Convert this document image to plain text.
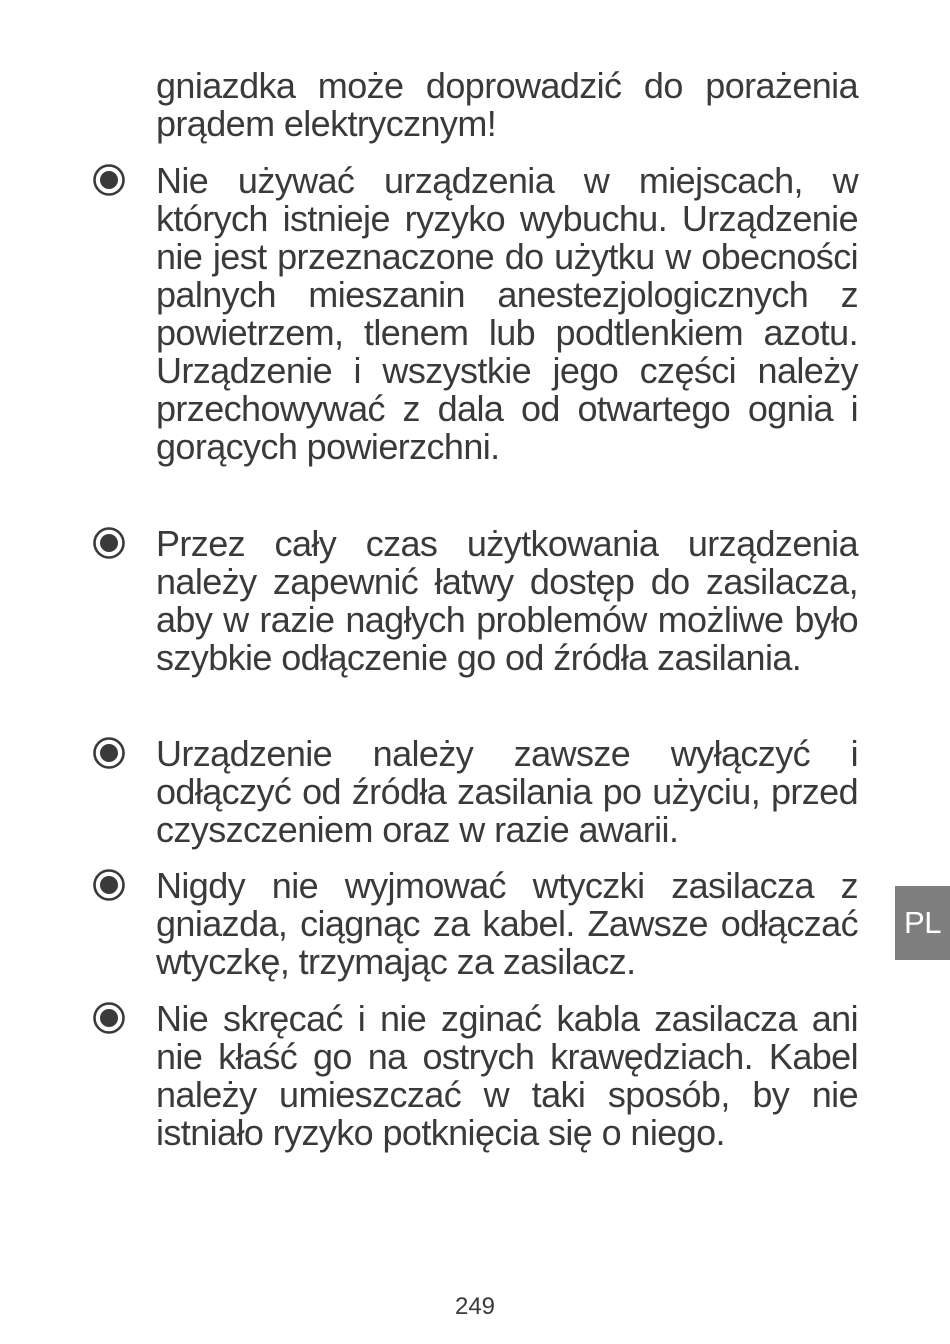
gniazdka może doprowadzić do porażenia prądem elektrycznym!
Nie używać urządzenia w miejscach, w których istnieje ryzyko wybuchu. Urządzenie nie jest przeznaczone do użytku w obecności palnych mieszanin anestezjologicznych z powietrzem, tlenem lub podtlenkiem azotu. Urządzenie i wszystkie jego części należy przechowywać z dala od otwartego ognia i gorących powierzchni.
Przez cały czas użytkowania urządzenia należy zapewnić łatwy dostęp do zasilacza, aby w razie nagłych problemów możliwe było szybkie odłączenie go od źródła zasilania.
Urządzenie należy zawsze wyłączyć i odłączyć od źródła zasilania po użyciu, przed czyszczeniem oraz w razie awarii.
Nigdy nie wyjmować wtyczki zasilacza z gniazda, ciągnąc za kabel. Zawsze odłączać wtyczkę, trzymając za zasilacz.
Nie skręcać i nie zginać kabla zasilacza ani nie kłaść go na ostrych krawędziach. Kabel należy umieszczać w taki sposób, by nie istniało ryzyko potknięcia się o niego.
PL
249
